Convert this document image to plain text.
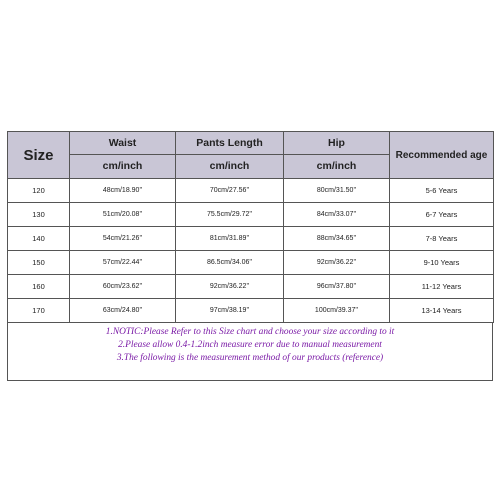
Size	Waist	Pants Length	Hip	Recommended age
	cm/inch	cm/inch	cm/inch	
120	48cm/18.90''	70cm/27.56''	80cm/31.50''	5-6 Years
130	51cm/20.08''	75.5cm/29.72''	84cm/33.07''	6-7 Years
140	54cm/21.26''	81cm/31.89''	88cm/34.65''	7-8 Years
150	57cm/22.44''	86.5cm/34.06''	92cm/36.22''	9-10 Years
160	60cm/23.62''	92cm/36.22''	96cm/37.80''	11-12 Years
170	63cm/24.80''	97cm/38.19''	100cm/39.37''	13-14 Years
1.NOTIC:Please Refer to this Size chart and choose your size according to it
2.Please allow 0.4-1.2inch measure error due to manual measurement
3.The following is the measurement method of our products (reference)
